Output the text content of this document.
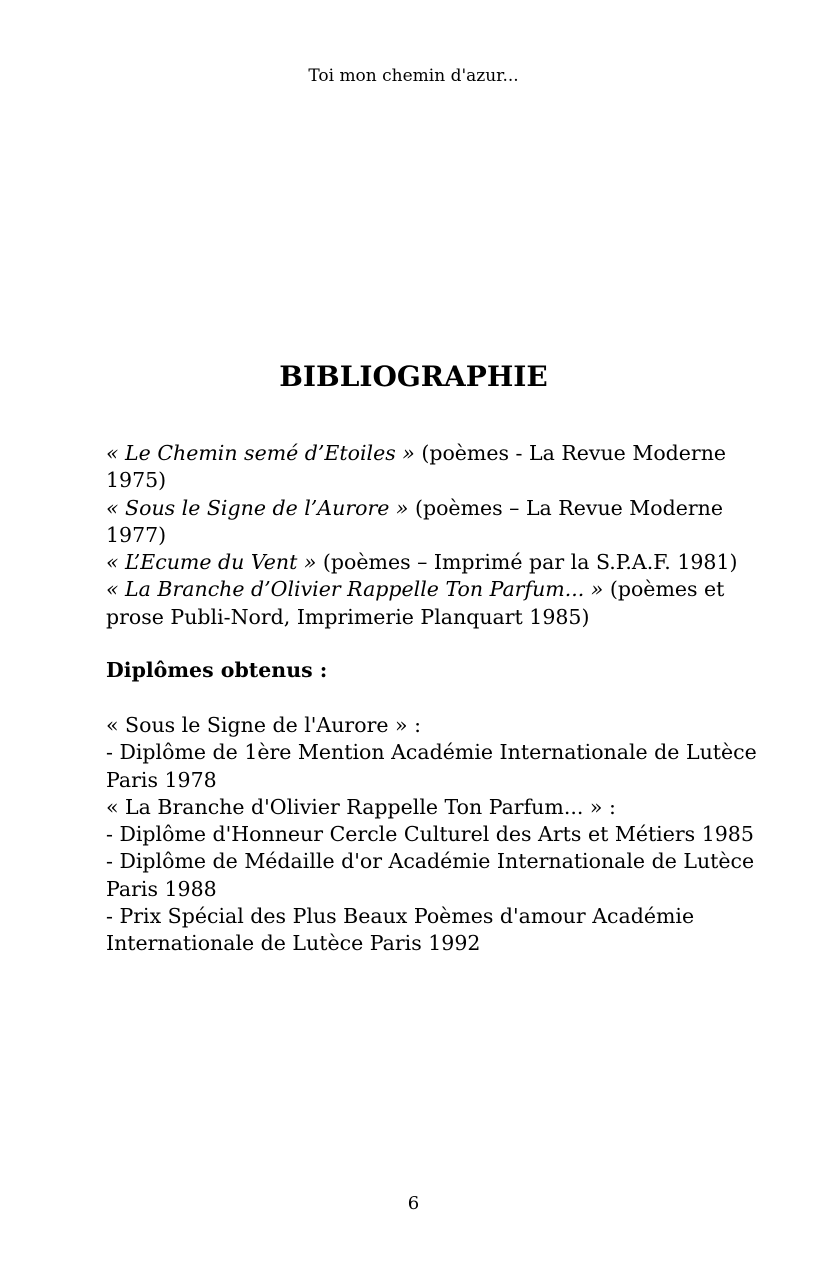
Toi mon chemin d'azur...
BIBLIOGRAPHIE
« Le Chemin semé d’Etoiles » (poèmes - La Revue Moderne
1975)
« Sous le Signe de l’Aurore » (poèmes – La Revue Moderne
1977)
« L’Ecume du Vent » (poèmes – Imprimé par la S.P.A.F. 1981)
« La Branche d’Olivier Rappelle Ton Parfum... » (poèmes et
prose Publi-Nord, Imprimerie Planquart 1985)
Diplômes obtenus :
« Sous le Signe de l'Aurore » :
- Diplôme de 1ère Mention Académie Internationale de Lutèce
Paris 1978
« La Branche d'Olivier Rappelle Ton Parfum... » :
- Diplôme d'Honneur Cercle Culturel des Arts et Métiers 1985
- Diplôme de Médaille d'or Académie Internationale de Lutèce
Paris 1988
- Prix Spécial des Plus Beaux Poèmes d'amour Académie
Internationale de Lutèce Paris 1992
6
